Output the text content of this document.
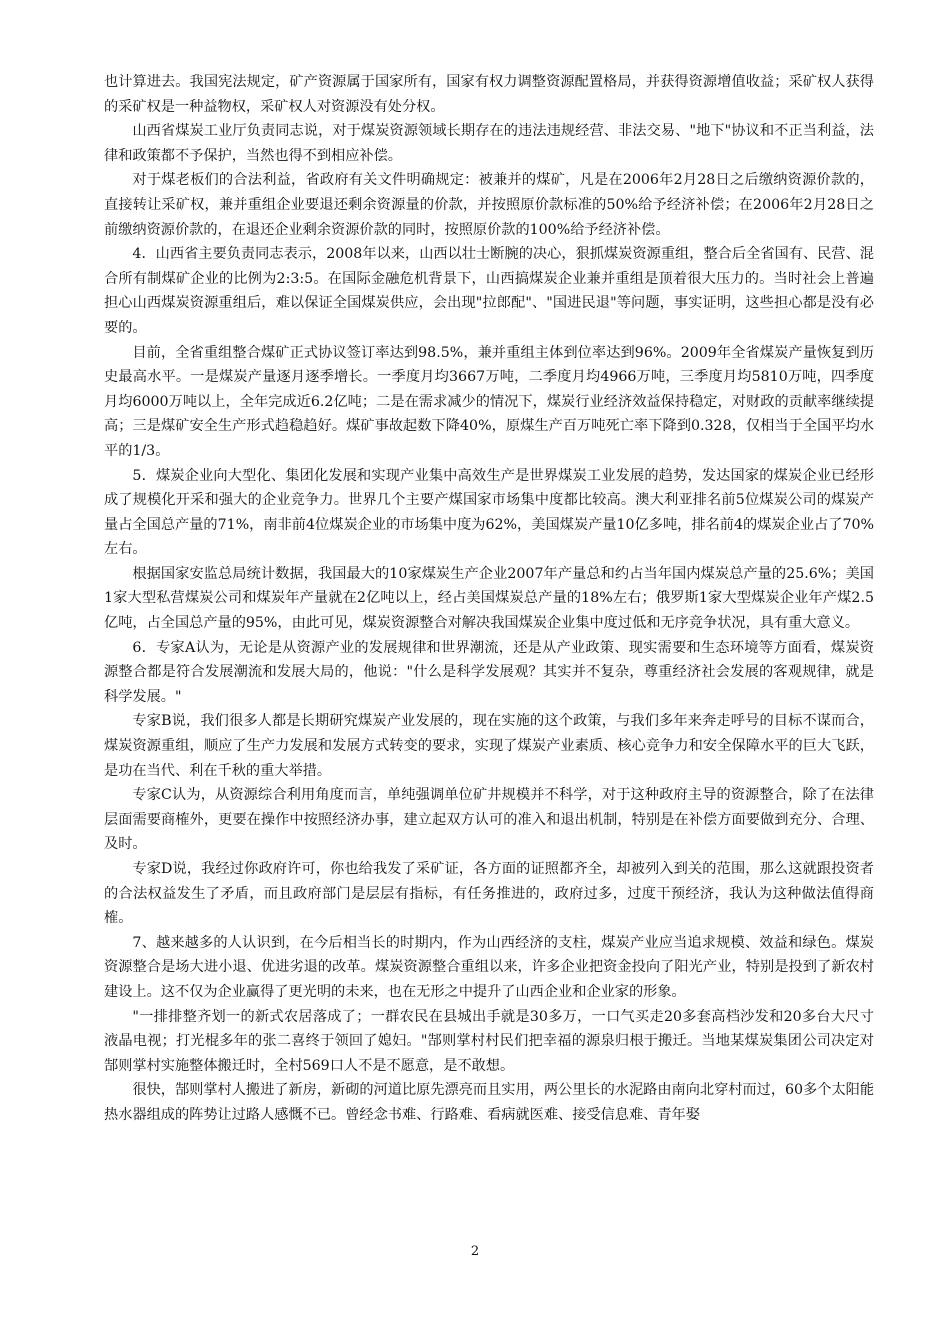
也计算进去。我国宪法规定，矿产资源属于国家所有，国家有权力调整资源配置格局，并获得资源增值收益；采矿权人获得的采矿权是一种益物权，采矿权人对资源没有处分权。

山西省煤炭工业厅负责同志说，对于煤炭资源领域长期存在的违法违规经营、非法交易、"地下"协议和不正当利益，法律和政策都不予保护，当然也得不到相应补偿。

对于煤老板们的合法利益，省政府有关文件明确规定：被兼并的煤矿，凡是在2006年2月28日之后缴纳资源价款的，直接转让采矿权，兼并重组企业要退还剩余资源量的价款，并按照原价款标准的50%给予经济补偿；在2006年2月28日之前缴纳资源价款的，在退还企业剩余资源价款的同时，按照原价款的100%给予经济补偿。

4．山西省主要负责同志表示，2008年以来，山西以壮士断腕的决心，狠抓煤炭资源重组，整合后全省国有、民营、混合所有制煤矿企业的比例为2:3:5。在国际金融危机背景下，山西搞煤炭企业兼并重组是顶着很大压力的。当时社会上普遍担心山西煤炭资源重组后，难以保证全国煤炭供应，会出现"拉郎配"、"国进民退"等问题，事实证明，这些担心都是没有必要的。

目前，全省重组整合煤矿正式协议签订率达到98.5%，兼并重组主体到位率达到96%。2009年全省煤炭产量恢复到历史最高水平。一是煤炭产量逐月逐季增长。一季度月均3667万吨，二季度月均4966万吨，三季度月均5810万吨，四季度月均6000万吨以上，全年完成近6.2亿吨；二是在需求减少的情况下，煤炭行业经济效益保持稳定，对财政的贡献率继续提高；三是煤矿安全生产形式趋稳趋好。煤矿事故起数下降40%，原煤生产百万吨死亡率下降到0.328，仅相当于全国平均水平的1/3。

5．煤炭企业向大型化、集团化发展和实现产业集中高效生产是世界煤炭工业发展的趋势，发达国家的煤炭企业已经形成了规模化开采和强大的企业竞争力。世界几个主要产煤国家市场集中度都比较高。澳大利亚排名前5位煤炭公司的煤炭产量占全国总产量的71%，南非前4位煤炭企业的市场集中度为62%，美国煤炭产量10亿多吨，排名前4的煤炭企业占了70%左右。

根据国家安监总局统计数据，我国最大的10家煤炭生产企业2007年产量总和约占当年国内煤炭总产量的25.6%；美国1家大型私营煤炭公司和煤炭年产量就在2亿吨以上，经占美国煤炭总产量的18%左右；俄罗斯1家大型煤炭企业年产煤2.5亿吨，占全国总产量的95%，由此可见，煤炭资源整合对解决我国煤炭企业集中度过低和无序竞争状况，具有重大意义。

6．专家A认为，无论是从资源产业的发展规律和世界潮流，还是从产业政策、现实需要和生态环境等方面看，煤炭资源整合都是符合发展潮流和发展大局的，他说："什么是科学发展观？其实并不复杂，尊重经济社会发展的客观规律，就是科学发展。"

专家B说，我们很多人都是长期研究煤炭产业发展的，现在实施的这个政策，与我们多年来奔走呼号的目标不谋而合，煤炭资源重组，顺应了生产力发展和发展方式转变的要求，实现了煤炭产业素质、核心竞争力和安全保障水平的巨大飞跃，是功在当代、利在千秋的重大举措。

专家C认为，从资源综合利用角度而言，单纯强调单位矿井规模并不科学，对于这种政府主导的资源整合，除了在法律层面需要商榷外，更要在操作中按照经济办事，建立起双方认可的准入和退出机制，特别是在补偿方面要做到充分、合理、及时。

专家D说，我经过你政府许可，你也给我发了采矿证，各方面的证照都齐全，却被列入到关的范围，那么这就跟投资者的合法权益发生了矛盾，而且政府部门是层层有指标，有任务推进的，政府过多，过度干预经济，我认为这种做法值得商榷。

7、越来越多的人认识到，在今后相当长的时期内，作为山西经济的支柱，煤炭产业应当追求规模、效益和绿色。煤炭资源整合是场大进小退、优进劣退的改革。煤炭资源整合重组以来，许多企业把资金投向了阳光产业，特别是投到了新农村建设上。这不仅为企业赢得了更光明的未来，也在无形之中提升了山西企业和企业家的形象。

"一排排整齐划一的新式农居落成了；一群农民在县城出手就是30多万，一口气买走20多套高档沙发和20多台大尺寸液晶电视；打光棍多年的张二喜终于领回了媳妇。"郜则掌村村民们把幸福的源泉归根于搬迁。当地某煤炭集团公司决定对郜则掌村实施整体搬迁时，全村569口人不是不愿意，是不敢想。

很快，郜则掌村人搬进了新房，新砌的河道比原先漂亮而且实用，两公里长的水泥路由南向北穿村而过，60多个太阳能热水器组成的阵势让过路人感慨不已。曾经念书难、行路难、看病就医难、接受信息难、青年娶

2
